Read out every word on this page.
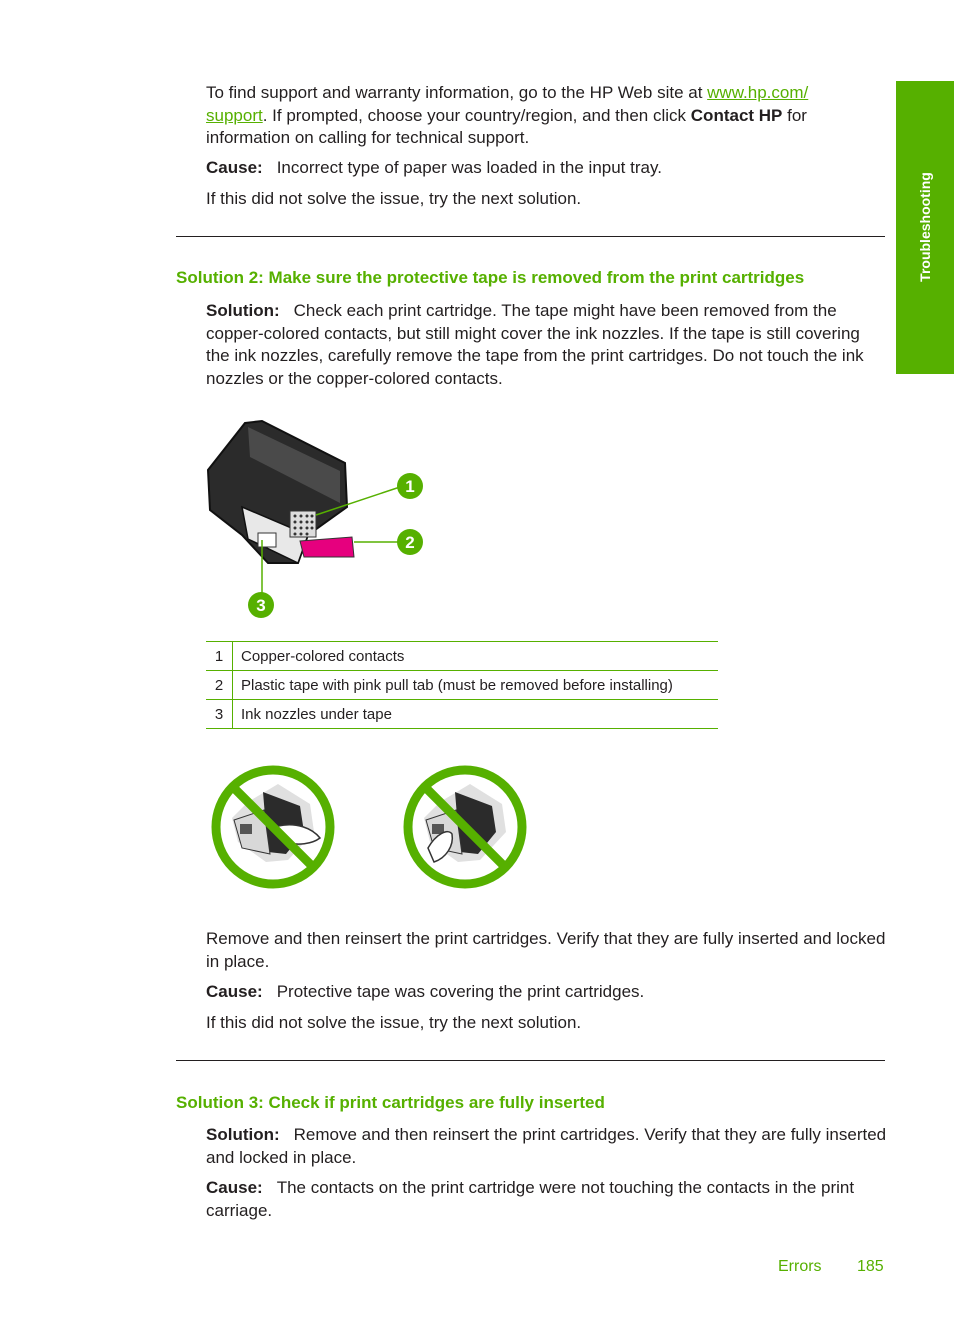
Troubleshooting

To find support and warranty information, go to the HP Web site at www.hp.com/
support. If prompted, choose your country/region, and then click Contact HP for information on calling for technical support.

Cause: Incorrect type of paper was loaded in the input tray.

If this did not solve the issue, try the next solution.

Solution 2: Make sure the protective tape is removed from the print cartridges

Solution: Check each print cartridge. The tape might have been removed from the copper-colored contacts, but still might cover the ink nozzles. If the tape is still covering the ink nozzles, carefully remove the tape from the print cartridges. Do not touch the ink nozzles or the copper-colored contacts.

1
2
3
1	Copper-colored contacts
2	Plastic tape with pink pull tab (must be removed before installing)
3	Ink nozzles under tape

Remove and then reinsert the print cartridges. Verify that they are fully inserted and locked in place.

Cause: Protective tape was covering the print cartridges.

If this did not solve the issue, try the next solution.

Solution 3: Check if print cartridges are fully inserted

Solution: Remove and then reinsert the print cartridges. Verify that they are fully inserted and locked in place.

Cause: The contacts on the print cartridge were not touching the contacts in the print carriage.

Errors 185
